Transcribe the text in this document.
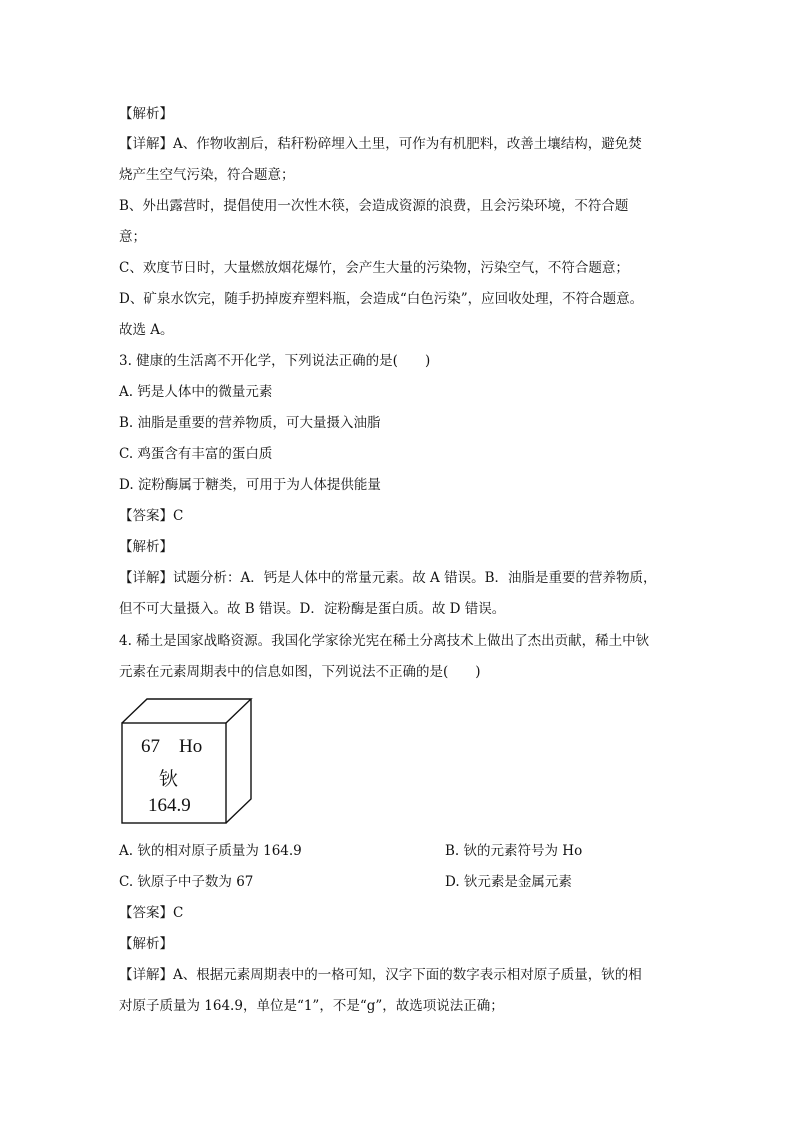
【解析】
【详解】A、作物收割后，秸秆粉碎埋入土里，可作为有机肥料，改善土壤结构，避免焚
烧产生空气污染，符合题意；
B、外出露营时，提倡使用一次性木筷，会造成资源的浪费，且会污染环境，不符合题
意；
C、欢度节日时，大量燃放烟花爆竹，会产生大量的污染物，污染空气，不符合题意；
D、矿泉水饮完，随手扔掉废弃塑料瓶，会造成“白色污染”，应回收处理，不符合题意。
故选 A。
3. 健康的生活离不开化学，下列说法正确的是(　　)
A. 钙是人体中的微量元素
B. 油脂是重要的营养物质，可大量摄入油脂
C. 鸡蛋含有丰富的蛋白质
D. 淀粉酶属于糖类，可用于为人体提供能量
【答案】C
【解析】
【详解】试题分析：A．钙是人体中的常量元素。故 A 错误。B．油脂是重要的营养物质，
但不可大量摄入。故 B 错误。D．淀粉酶是蛋白质。故 D 错误。
4. 稀土是国家战略资源。我国化学家徐光宪在稀土分离技术上做出了杰出贡献，稀土中钬
元素在元素周期表中的信息如图，下列说法不正确的是(　　)
67 Ho
钬
164.9
A. 钬的相对原子质量为 164.9	B. 钬的元素符号为 Ho
C. 钬原子中子数为 67	D. 钬元素是金属元素
【答案】C
【解析】
【详解】A、根据元素周期表中的一格可知，汉字下面的数字表示相对原子质量，钬的相
对原子质量为 164.9，单位是“1”，不是“g”，故选项说法正确；
